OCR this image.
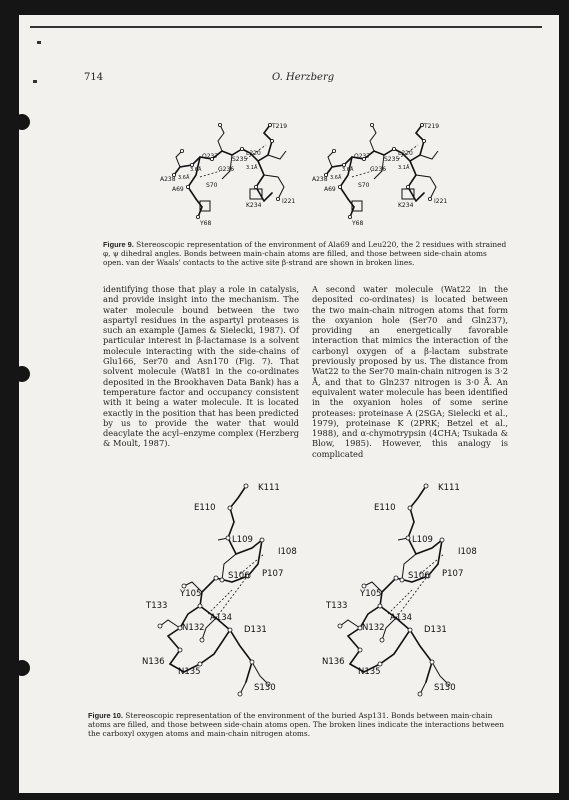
714	O. Herzberg
T219
L220
Q237 S235
G236
3.6Å	3.1Å
A238 3.6Å
S70
A69
K234
I221
Y68
Figure 9. Stereoscopic representation of the environment of Ala69 and Leu220, the 2 residues with strained φ, ψ dihedral angles. Bonds between main-chain atoms are filled, and those between side-chain atoms open. van der Waals' contacts to the active site β-strand are shown in broken lines.

identifying those that play a role in catalysis, and provide insight into the mechanism. The water molecule bound between the two aspartyl residues in the aspartyl proteases is such an example (James & Sielecki, 1987). Of particular interest in β-lactamase is a solvent molecule interacting with the side-chains of Glu166, Ser70 and Asn170 (Fig. 7). That solvent molecule (Wat81 in the co-ordinates deposited in the Brookhaven Data Bank) has a temperature factor and occupancy consistent with it being a water molecule. It is located exactly in the position that has been predicted by us to provide the water that would deacylate the acyl–enzyme complex (Herzberg & Moult, 1987).

A second water molecule (Wat22 in the deposited co-ordinates) is located between the two main-chain nitrogen atoms that form the oxyanion hole (Ser70 and Gln237), providing an energetically favorable interaction that mimics the interaction of the carbonyl oxygen of a β-lactam substrate previously proposed by us. The distance from Wat22 to the Ser70 main-chain nitrogen is 3·2 Å, and that to Gln237 nitrogen is 3·0 Å. An equivalent water molecule has been identified in the oxyanion holes of some serine proteases: proteinase A (2SGA; Sielecki et al., 1979), proteinase K (2PRK; Betzel et al., 1988), and α-chymotrypsin (4CHA; Tsukada & Blow, 1985). However, this analogy is complicated

K111
E110
L109
I108
S106 P107
Y105
T133
A134
N132	D131
N136
N135
S130
Figure 10. Stereoscopic representation of the environment of the buried Asp131. Bonds between main-chain atoms are filled, and those between side-chain atoms open. The broken lines indicate the interactions between the carboxyl oxygen atoms and main-chain nitrogen atoms.
